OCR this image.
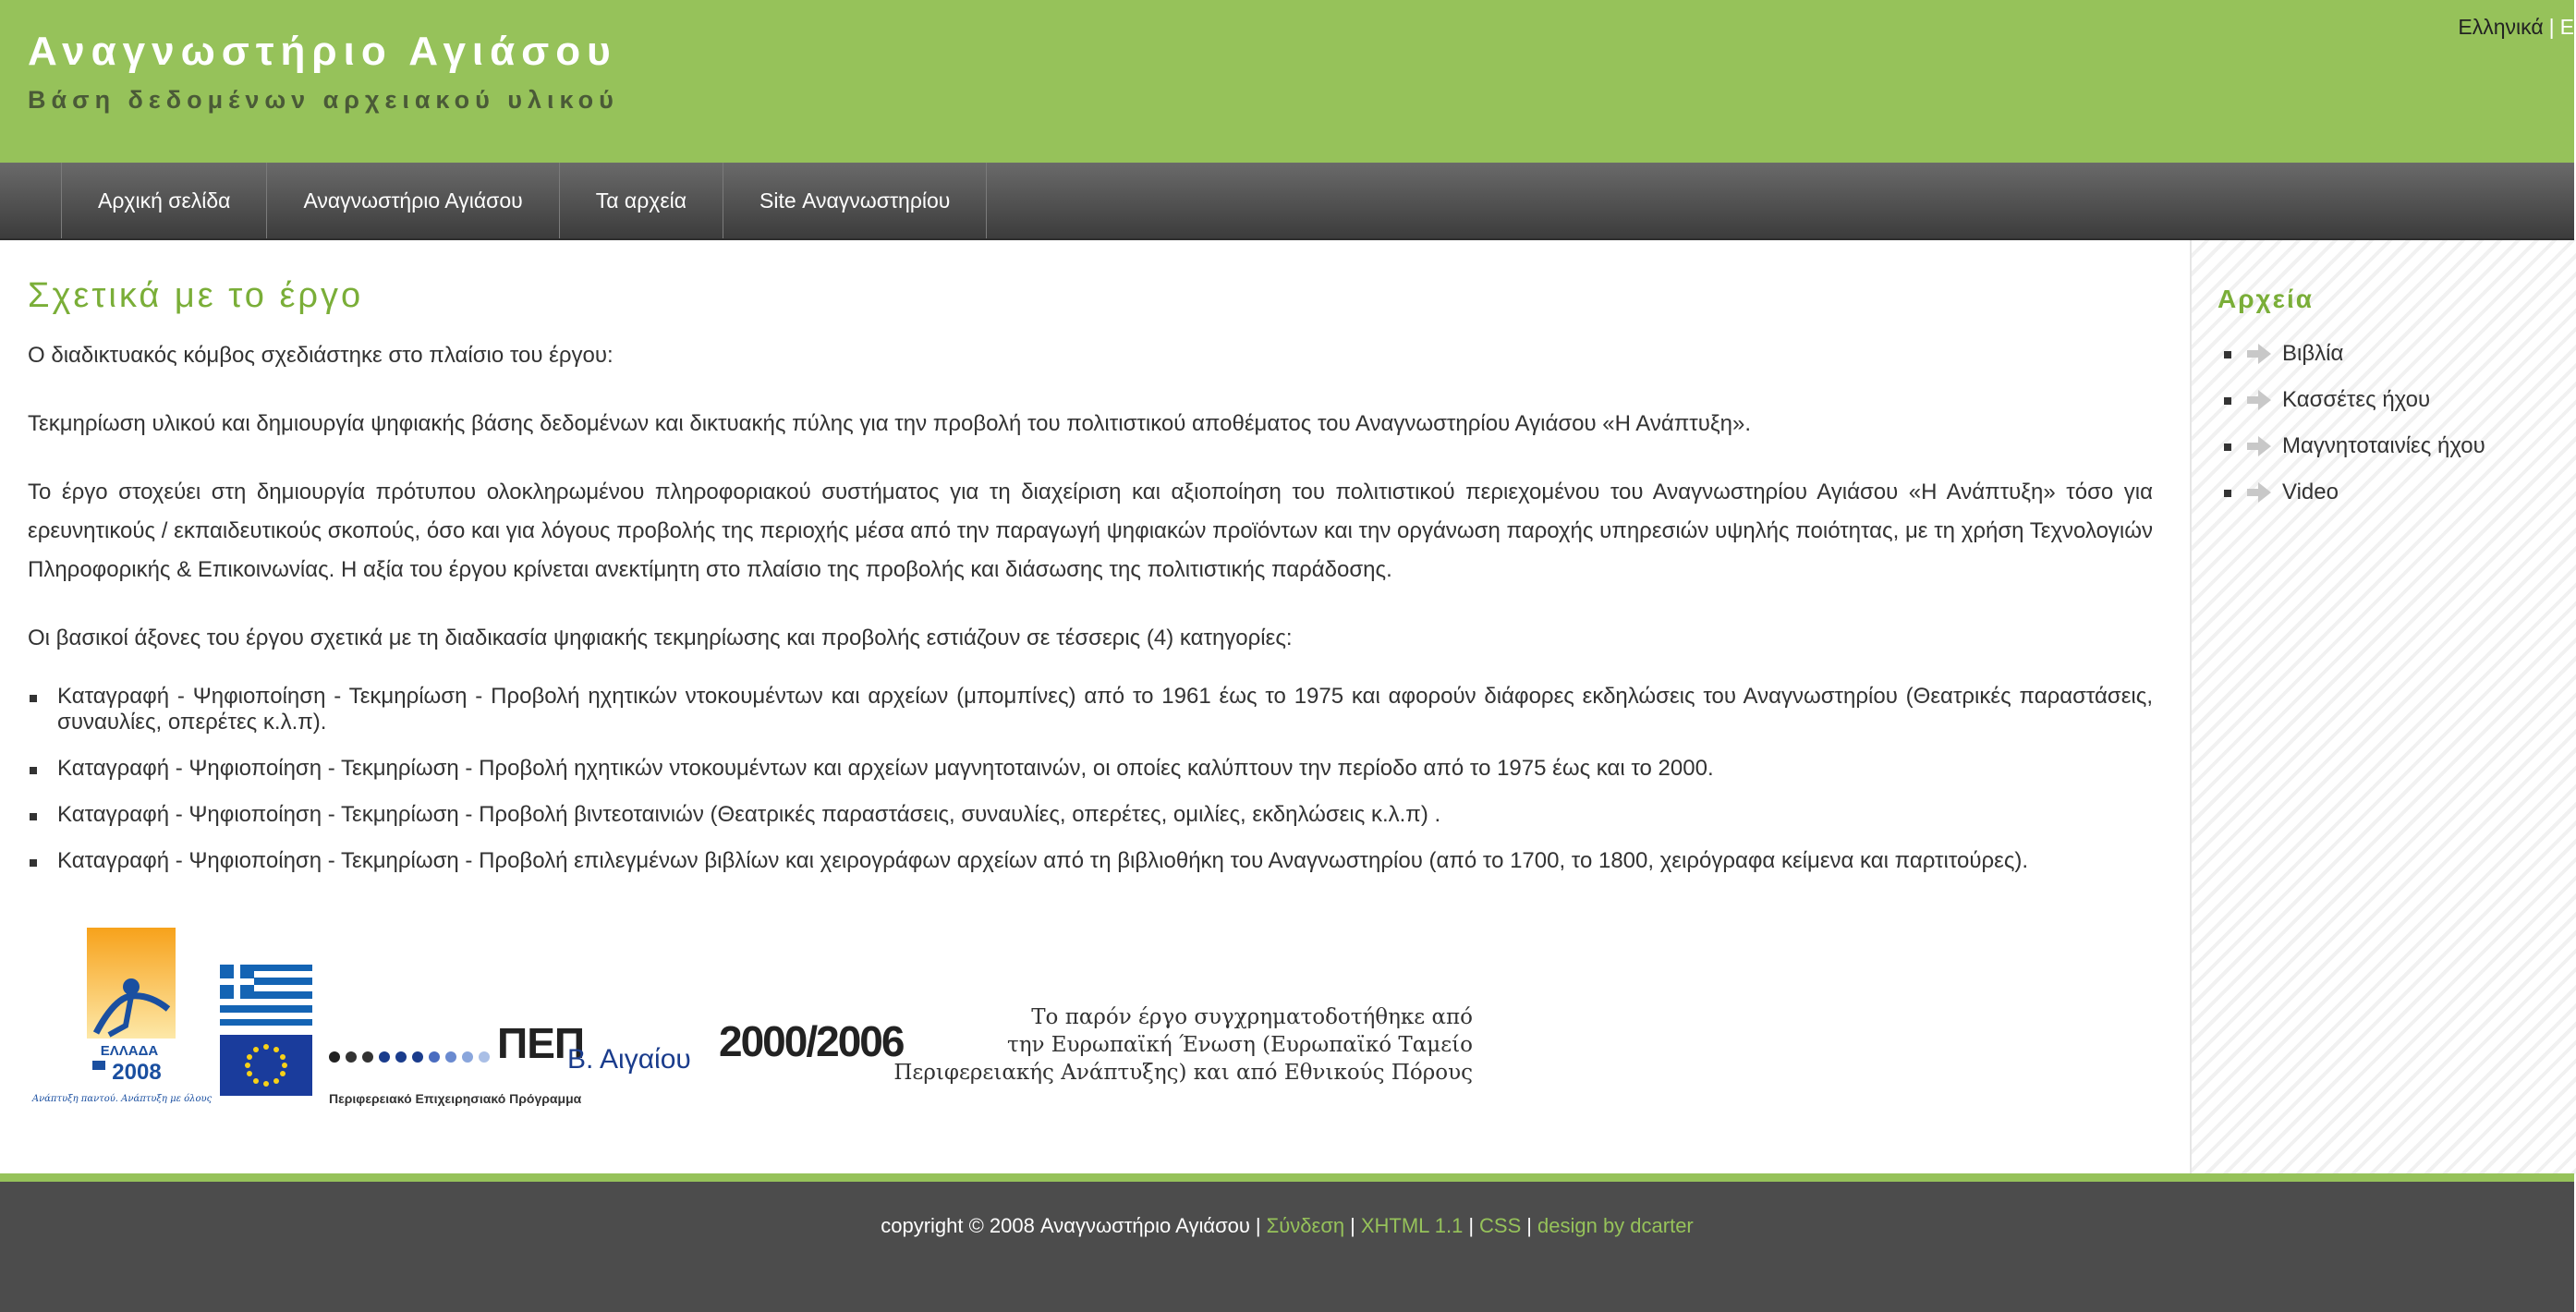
Αναγνωστήριο Αγιάσου
Βάση δεδομένων αρχειακού υλικού
Ελληνικά | E
Αρχική σελίδα	Αναγνωστήριο Αγιάσου	Τα αρχεία	Site Αναγνωστηρίου
Σχετικά με το έργο

Ο διαδικτυακός κόμβος σχεδιάστηκε στο πλαίσιο του έργου:

Τεκμηρίωση υλικού και δημιουργία ψηφιακής βάσης δεδομένων και δικτυακής πύλης για την προβολή του πολιτιστικού αποθέματος του Αναγνωστηρίου Αγιάσου «Η Ανάπτυξη».

Το έργο στοχεύει στη δημιουργία πρότυπου ολοκληρωμένου πληροφοριακού συστήματος για τη διαχείριση και αξιοποίηση του πολιτιστικού περιεχομένου του Αναγνωστηρίου Αγιάσου «Η Ανάπτυξη» τόσο για ερευνητικούς / εκπαιδευτικούς σκοπούς, όσο και για λόγους προβολής της περιοχής μέσα από την παραγωγή ψηφιακών προϊόντων και την οργάνωση παροχής υπηρεσιών υψηλής ποιότητας, με τη χρήση Τεχνολογιών Πληροφορικής & Επικοινωνίας. Η αξία του έργου κρίνεται ανεκτίμητη στο πλαίσιο της προβολής και διάσωσης της πολιτιστικής παράδοσης.

Οι βασικοί άξονες του έργου σχετικά με τη διαδικασία ψηφιακής τεκμηρίωσης και προβολής εστιάζουν σε τέσσερις (4) κατηγορίες:

Καταγραφή - Ψηφιοποίηση - Τεκμηρίωση - Προβολή ηχητικών ντοκουμέντων και αρχείων (μπομπίνες) από το 1961 έως το 1975 και αφορούν διάφορες εκδηλώσεις του Αναγνωστηρίου (Θεατρικές παραστάσεις, συναυλίες, οπερέτες κ.λ.π).
Καταγραφή - Ψηφιοποίηση - Τεκμηρίωση - Προβολή ηχητικών ντοκουμέντων και αρχείων μαγνητοταινών, οι οποίες καλύπτουν την περίοδο από το 1975 έως και το 2000.
Καταγραφή - Ψηφιοποίηση - Τεκμηρίωση - Προβολή βιντεοταινιών (Θεατρικές παραστάσεις, συναυλίες, οπερέτες, ομιλίες, εκδηλώσεις κ.λ.π) .
Καταγραφή - Ψηφιοποίηση - Τεκμηρίωση - Προβολή επιλεγμένων βιβλίων και χειρογράφων αρχείων από τη βιβλιοθήκη του Αναγνωστηρίου (από το 1700, το 1800, χειρόγραφα κείμενα και παρτιτούρες).
ΕΛΛΑΔΑ
2008
Ανάπτυξη παντού. Ανάπτυξη με όλους
ΠΕΠ
Β. Αιγαίου 2000/2006
Περιφερειακό Επιχειρησιακό Πρόγραμμα
Το παρόν έργο συγχρηματοδοτήθηκε από
την Ευρωπαϊκή Ένωση (Ευρωπαϊκό Ταμείο
Περιφερειακής Ανάπτυξης) και από Εθνικούς Πόρους
Αρχεία
Βιβλία
Κασσέτες ήχου
Μαγνητοταινίες ήχου
Video
copyright © 2008 Αναγνωστήριο Αγιάσου | Σύνδεση | XHTML 1.1 | CSS | design by dcarter
